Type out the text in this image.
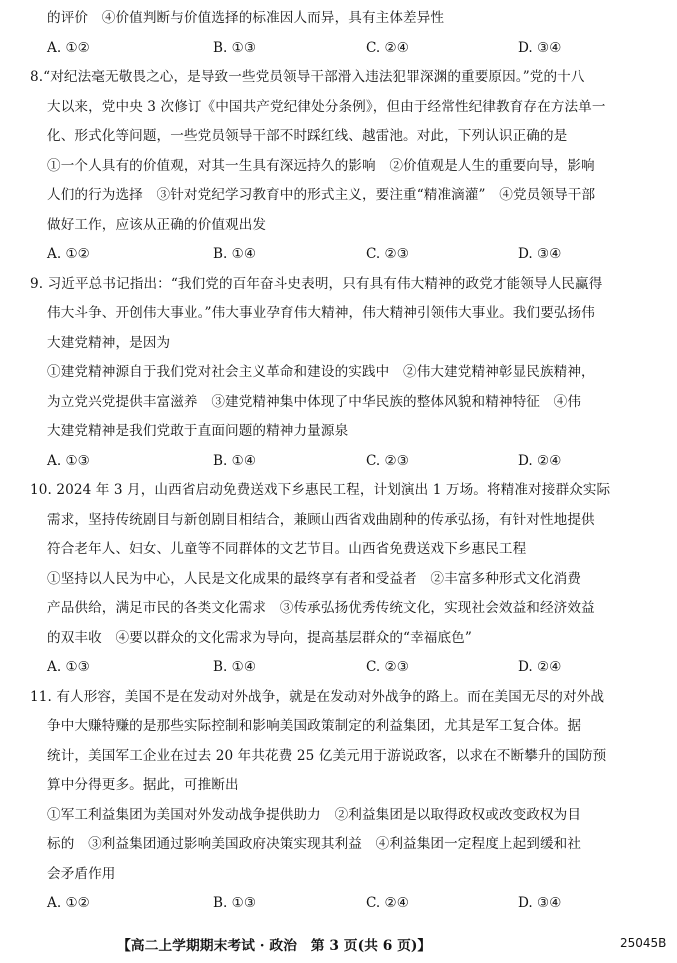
的评价　④价值判断与价值选择的标准因人而异，具有主体差异性
A. ①②	B. ①③	C. ②④	D. ③④
8.“对纪法毫无敬畏之心，是导致一些党员领导干部滑入违法犯罪深渊的重要原因。”党的十八
大以来，党中央 3 次修订《中国共产党纪律处分条例》，但由于经常性纪律教育存在方法单一
化、形式化等问题，一些党员领导干部不时踩红线、越雷池。对此，下列认识正确的是
①一个人具有的价值观，对其一生具有深远持久的影响　②价值观是人生的重要向导，影响
人们的行为选择　③针对党纪学习教育中的形式主义，要注重“精准滴灌”　④党员领导干部
做好工作，应该从正确的价值观出发
A. ①②	B. ①④	C. ②③	D. ③④
9. 习近平总书记指出：“我们党的百年奋斗史表明，只有具有伟大精神的政党才能领导人民赢得
伟大斗争、开创伟大事业。”伟大事业孕育伟大精神，伟大精神引领伟大事业。我们要弘扬伟
大建党精神，是因为
①建党精神源自于我们党对社会主义革命和建设的实践中　②伟大建党精神彰显民族精神，
为立党兴党提供丰富滋养　③建党精神集中体现了中华民族的整体风貌和精神特征　④伟
大建党精神是我们党敢于直面问题的精神力量源泉
A. ①③	B. ①④	C. ②③	D. ②④
10. 2024 年 3 月，山西省启动免费送戏下乡惠民工程，计划演出 1 万场。将精准对接群众实际
需求，坚持传统剧目与新创剧目相结合，兼顾山西省戏曲剧种的传承弘扬，有针对性地提供
符合老年人、妇女、儿童等不同群体的文艺节目。山西省免费送戏下乡惠民工程
①坚持以人民为中心，人民是文化成果的最终享有者和受益者　②丰富多种形式文化消费
产品供给，满足市民的各类文化需求　③传承弘扬优秀传统文化，实现社会效益和经济效益
的双丰收　④要以群众的文化需求为导向，提高基层群众的“幸福底色”
A. ①③	B. ①④	C. ②③	D. ②④
11. 有人形容，美国不是在发动对外战争，就是在发动对外战争的路上。而在美国无尽的对外战
争中大赚特赚的是那些实际控制和影响美国政策制定的利益集团，尤其是军工复合体。据
统计，美国军工企业在过去 20 年共花费 25 亿美元用于游说政客，以求在不断攀升的国防预
算中分得更多。据此，可推断出
①军工利益集团为美国对外发动战争提供助力　②利益集团是以取得政权或改变政权为目
标的　③利益集团通过影响美国政府决策实现其利益　④利益集团一定程度上起到缓和社
会矛盾作用
【高二上学期期末考试 · 政治　第 3 页(共 6 页)】	25045B
A. ①②	B. ①③	C. ②④	D. ③④
